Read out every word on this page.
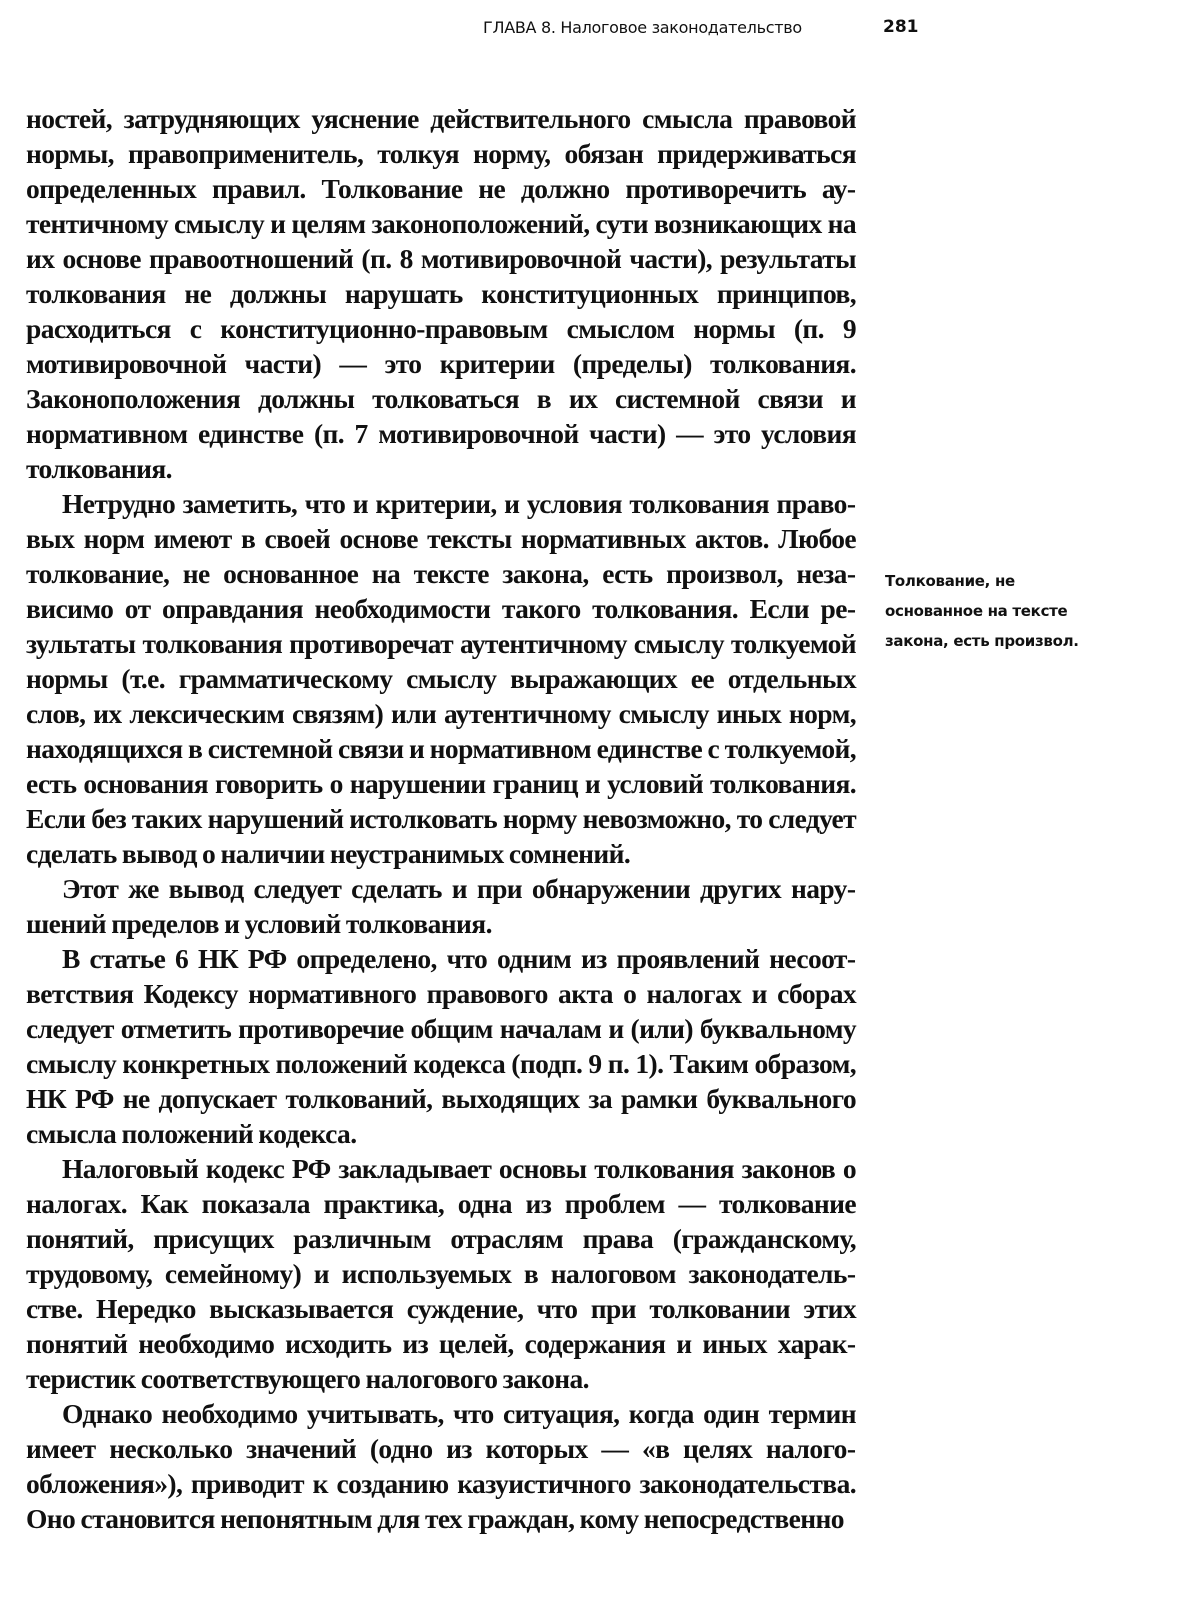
ГЛАВА 8. Налоговое законодательство	281

ностей, затрудняющих уяснение действительного смысла правовой нормы, правоприменитель, толкуя норму, обязан придерживаться определенных правил. Толкование не должно противоречить аутентичному смыслу и целям законоположений, сути возникающих на их основе правоотношений (п. 8 мотивировочной части), результаты толкования не должны нарушать конституционных принципов, расходиться с конституционно-правовым смыслом нормы (п. 9 мотивировочной части) — это критерии (пределы) толкования. Законоположения должны толковаться в их системной связи и нормативном единстве (п. 7 мотивировочной части) — это условия толкования.

Нетрудно заметить, что и критерии, и условия толкования правовых норм имеют в своей основе тексты нормативных актов. Любое толкование, не основанное на тексте закона, есть произвол, независимо от оправдания необходимости такого толкования. Если результаты толкования противоречат аутентичному смыслу толкуемой нормы (т.е. грамматическому смыслу выражающих ее отдельных слов, их лексическим связям) или аутентичному смыслу иных норм, находящихся в системной связи и нормативном единстве с толкуемой, есть основания говорить о нарушении границ и условий толкования. Если без таких нарушений истолковать норму невозможно, то следует сделать вывод о наличии неустранимых сомнений.

Этот же вывод следует сделать и при обнаружении других нарушений пределов и условий толкования.

В статье 6 НК РФ определено, что одним из проявлений несоответствия Кодексу нормативного правового акта о налогах и сборах следует отметить противоречие общим началам и (или) буквальному смыслу конкретных положений кодекса (подп. 9 п. 1). Таким образом, НК РФ не допускает толкований, выходящих за рамки буквального смысла положений кодекса.

Налоговый кодекс РФ закладывает основы толкования законов о налогах. Как показала практика, одна из проблем — толкование понятий, присущих различным отраслям права (гражданскому, трудовому, семейному) и используемых в налоговом законодательстве. Нередко высказывается суждение, что при толковании этих понятий необходимо исходить из целей, содержания и иных характеристик соответствующего налогового закона.

Однако необходимо учитывать, что ситуация, когда один термин имеет несколько значений (одно из которых — «в целях налогообложения»), приводит к созданию казуистичного законодательства. Оно становится непонятным для тех граждан, кому непосредственно

Толкование, не основанное на тексте закона, есть произвол.
